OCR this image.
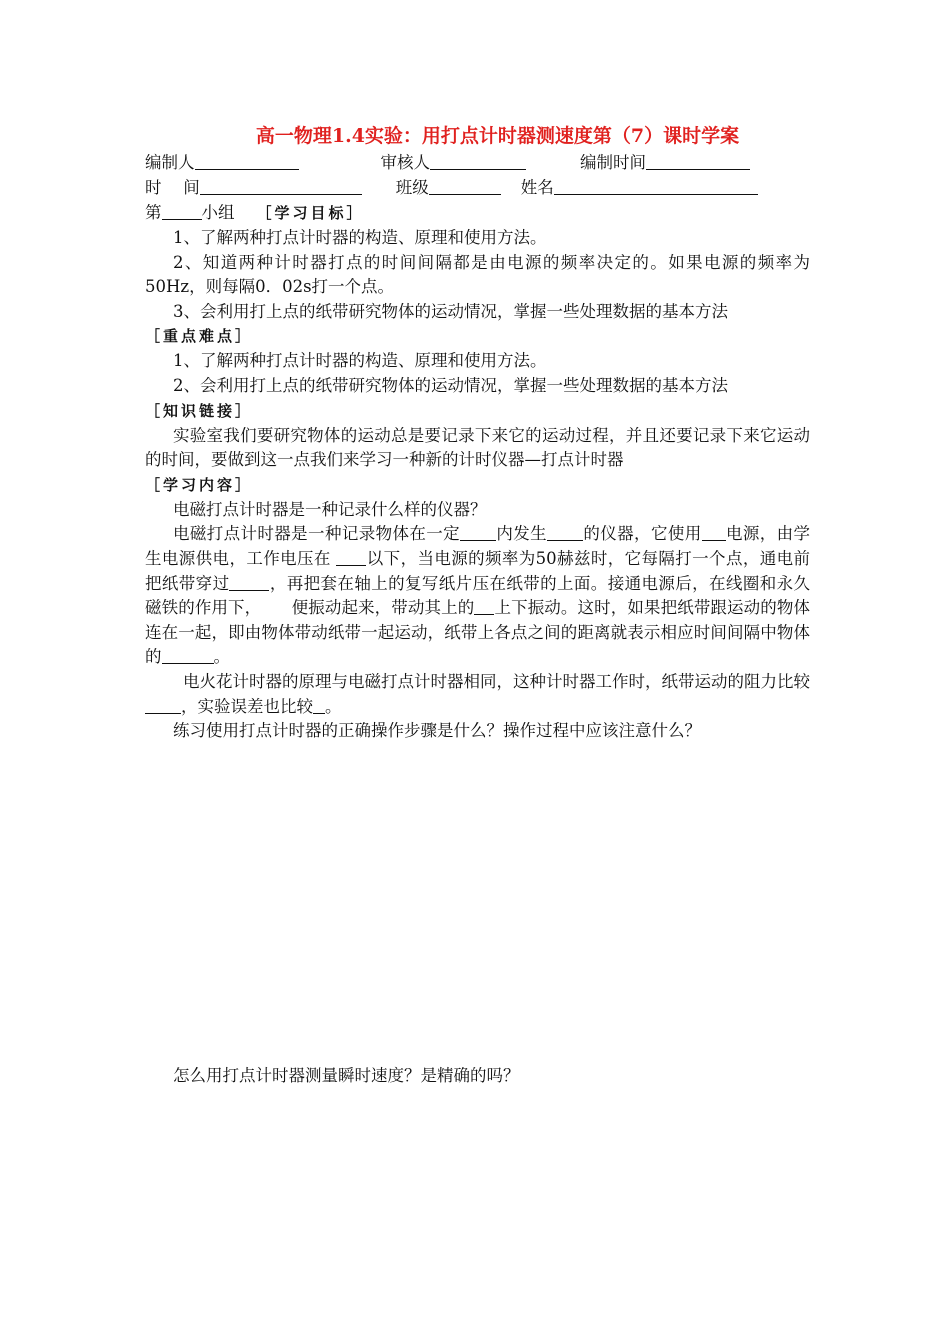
高一物理1.4实验：用打点计时器测速度第（7）课时学案
编制人	审核人	编制时间
时　 间	班级	姓名
第 小组 ［学习目标］
1、了解两种打点计时器的构造、原理和使用方法。
2、知道两种计时器打点的时间间隔都是由电源的频率决定的。如果电源的频率为50Hz，则每隔0．02s打一个点。
3、会利用打上点的纸带研究物体的运动情况，掌握一些处理数据的基本方法
［重点难点］
1、了解两种打点计时器的构造、原理和使用方法。
2、会利用打上点的纸带研究物体的运动情况，掌握一些处理数据的基本方法
［知识链接］
实验室我们要研究物体的运动总是要记录下来它的运动过程，并且还要记录下来它运动的时间，要做到这一点我们来学习一种新的计时仪器—打点计时器
［学习内容］
电磁打点计时器是一种记录什么样的仪器？
电磁打点计时器是一种记录物体在一定 内发生 的仪器，它使用 电源，由学生电源供电，工作电压在 以下，当电源的频率为50赫兹时，它每隔打一个点，通电前把纸带穿过 ，再把套在轴上的复写纸片压在纸带的上面。接通电源后，在线圈和永久磁铁的作用下，　　 便振动起来，带动其上的 上下振动。这时，如果把纸带跟运动的物体连在一起，即由物体带动纸带一起运动，纸带上各点之间的距离就表示相应时间间隔中物体的	。
电火花计时器的原理与电磁打点计时器相同，这种计时器工作时，纸带运动的阻力比较，实验误差也比较 。
练习使用打点计时器的正确操作步骤是什么？操作过程中应该注意什么？
怎么用打点计时器测量瞬时速度？是精确的吗？
